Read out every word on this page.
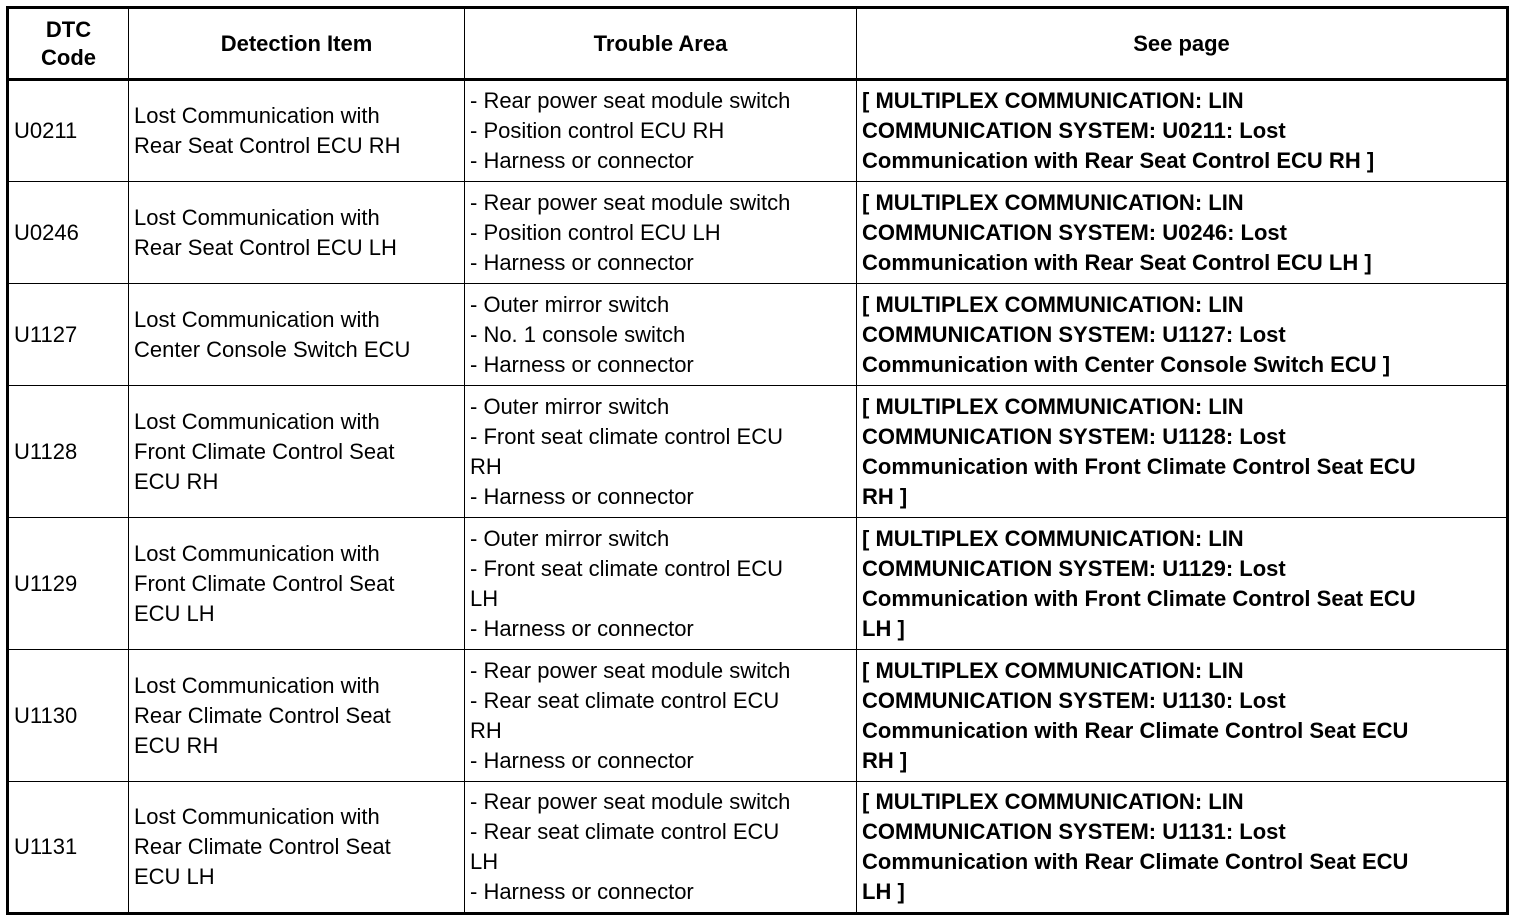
DTC
Code	Detection Item	Trouble Area	See page
U0211	Lost Communication with
Rear Seat Control ECU RH	- Rear power seat module switch
- Position control ECU RH
- Harness or connector	[ MULTIPLEX COMMUNICATION: LIN
COMMUNICATION SYSTEM: U0211: Lost
Communication with Rear Seat Control ECU RH ]

U0246	Lost Communication with
Rear Seat Control ECU LH	- Rear power seat module switch
- Position control ECU LH
- Harness or connector	[ MULTIPLEX COMMUNICATION: LIN
COMMUNICATION SYSTEM: U0246: Lost
Communication with Rear Seat Control ECU LH ]

U1127	Lost Communication with
Center Console Switch ECU	- Outer mirror switch
- No. 1 console switch
- Harness or connector	[ MULTIPLEX COMMUNICATION: LIN
COMMUNICATION SYSTEM: U1127: Lost
Communication with Center Console Switch ECU ]

U1128	Lost Communication with
Front Climate Control Seat
ECU RH	- Outer mirror switch
- Front seat climate control ECU
RH
- Harness or connector	[ MULTIPLEX COMMUNICATION: LIN
COMMUNICATION SYSTEM: U1128: Lost
Communication with Front Climate Control Seat ECU
RH ]

U1129	Lost Communication with
Front Climate Control Seat
ECU LH	- Outer mirror switch
- Front seat climate control ECU
LH
- Harness or connector	[ MULTIPLEX COMMUNICATION: LIN
COMMUNICATION SYSTEM: U1129: Lost
Communication with Front Climate Control Seat ECU
LH ]

U1130	Lost Communication with
Rear Climate Control Seat
ECU RH	- Rear power seat module switch
- Rear seat climate control ECU
RH
- Harness or connector	[ MULTIPLEX COMMUNICATION: LIN
COMMUNICATION SYSTEM: U1130: Lost
Communication with Rear Climate Control Seat ECU
RH ]

U1131	Lost Communication with
Rear Climate Control Seat
ECU LH	- Rear power seat module switch
- Rear seat climate control ECU
LH
- Harness or connector	[ MULTIPLEX COMMUNICATION: LIN
COMMUNICATION SYSTEM: U1131: Lost
Communication with Rear Climate Control Seat ECU
LH ]
